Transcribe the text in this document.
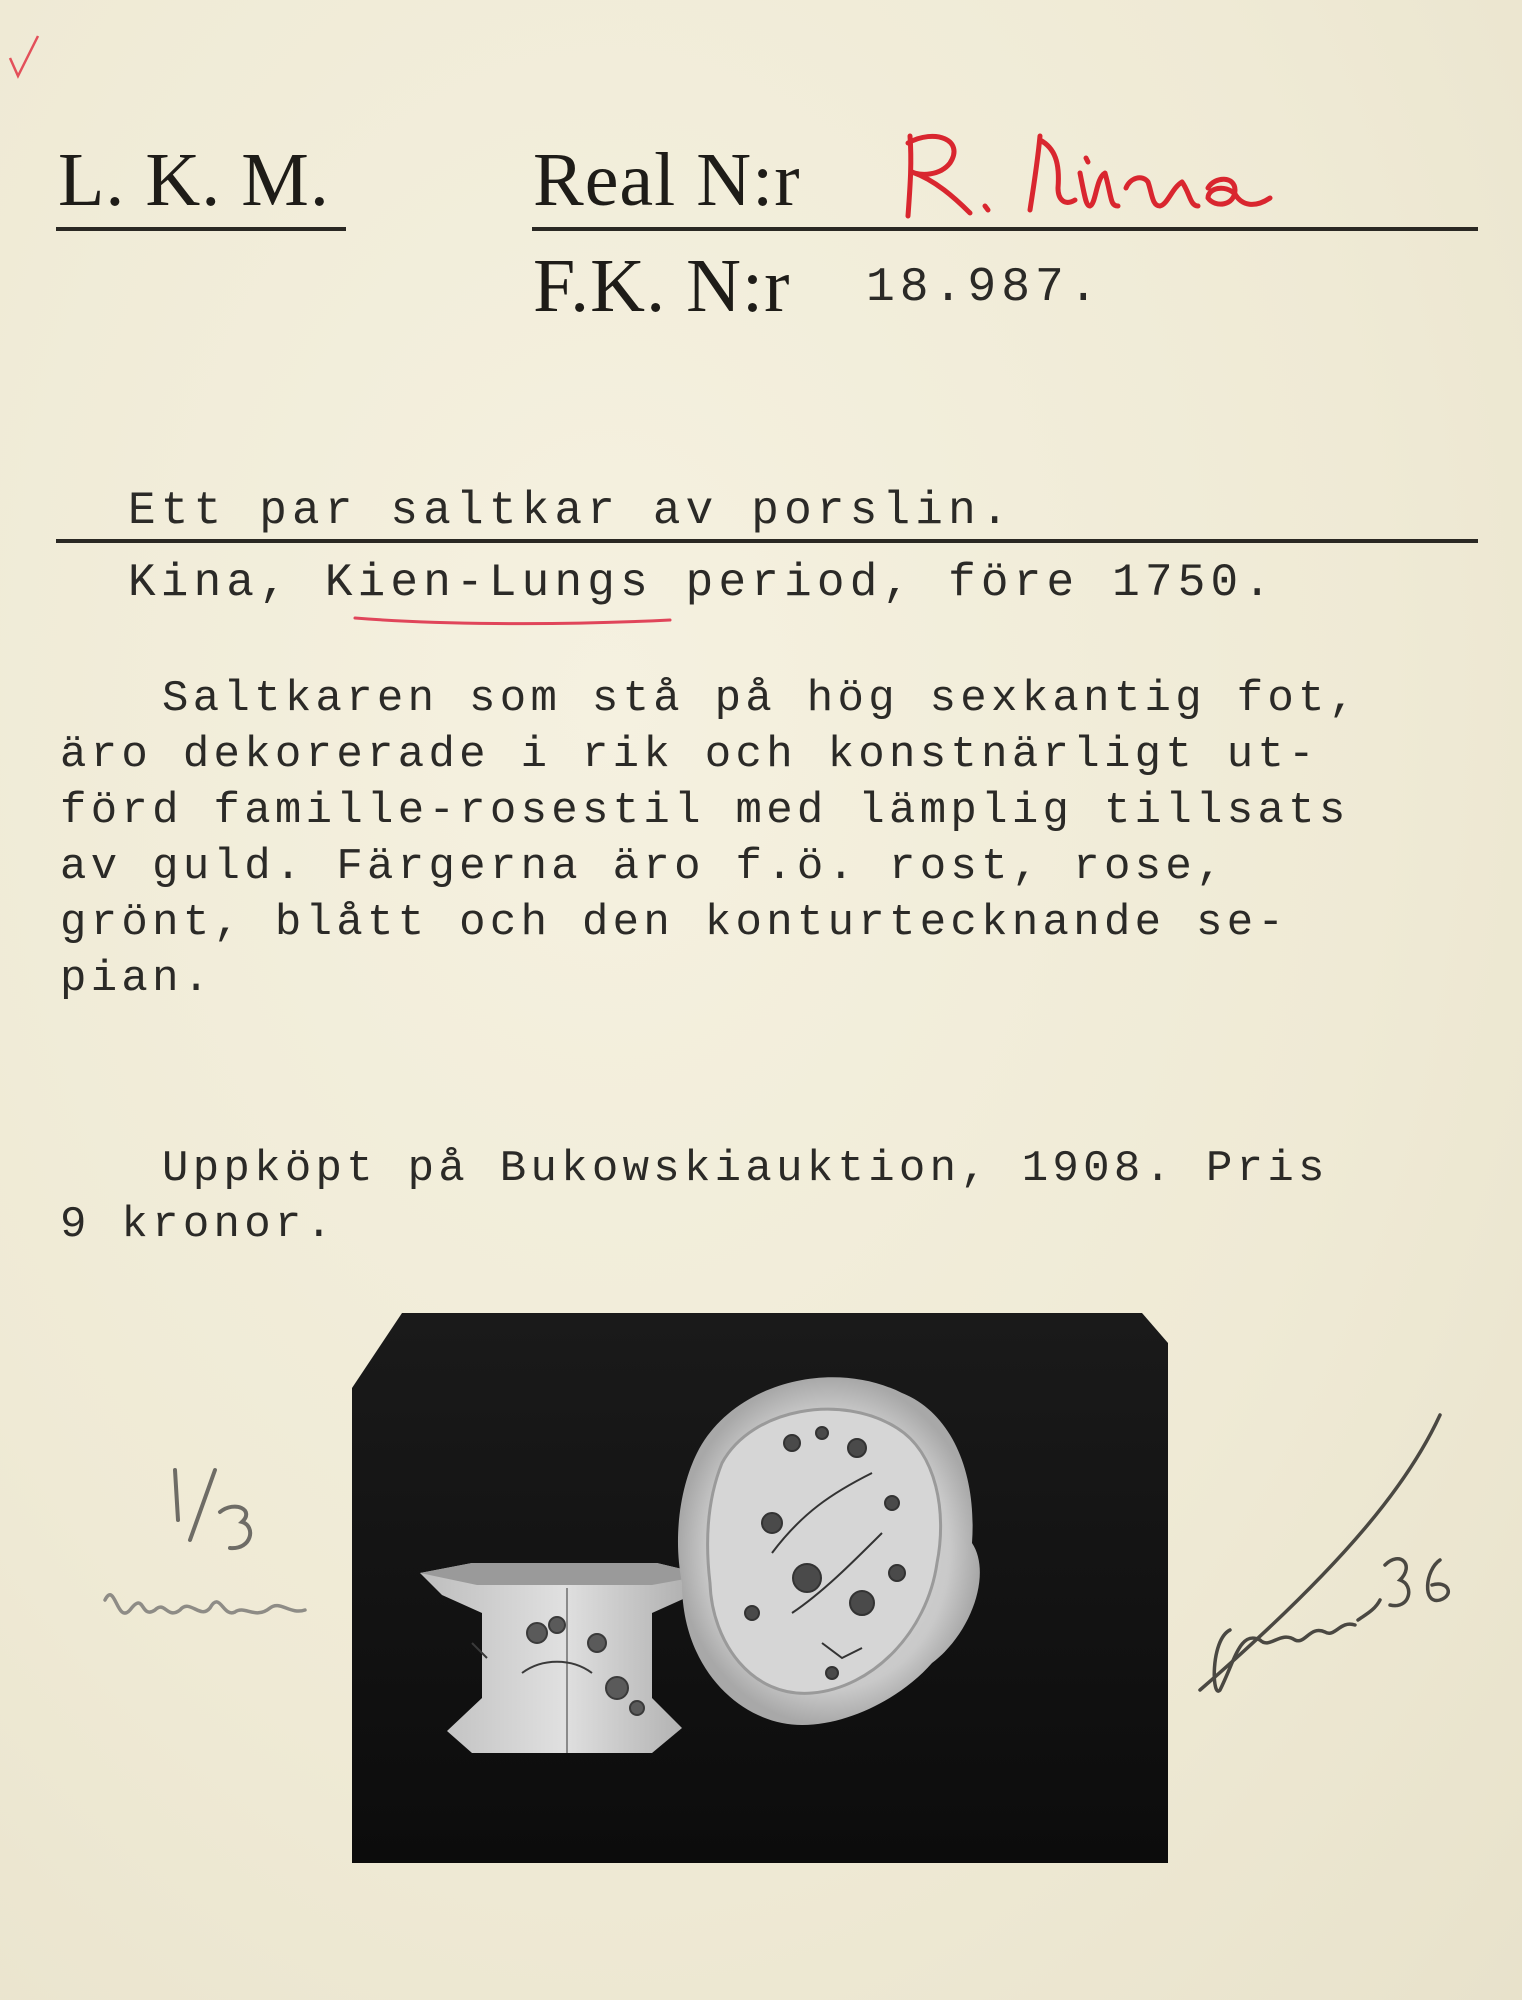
L. K. M.	Real N:r
F.K. N:r 18.987.
Ett par saltkar av porslin.
Kina, Kien-Lungs period, före 1750.
Saltkaren som stå på hög sexkantig fot,
äro dekorerade i rik och konstnärligt ut-
förd famille-rosestil med lämplig tillsats
av guld. Färgerna äro f.ö. rost, rose,
grönt, blått och den konturtecknande se-
pian.
Uppköpt på Bukowskiauktion, 1908. Pris
9 kronor.
